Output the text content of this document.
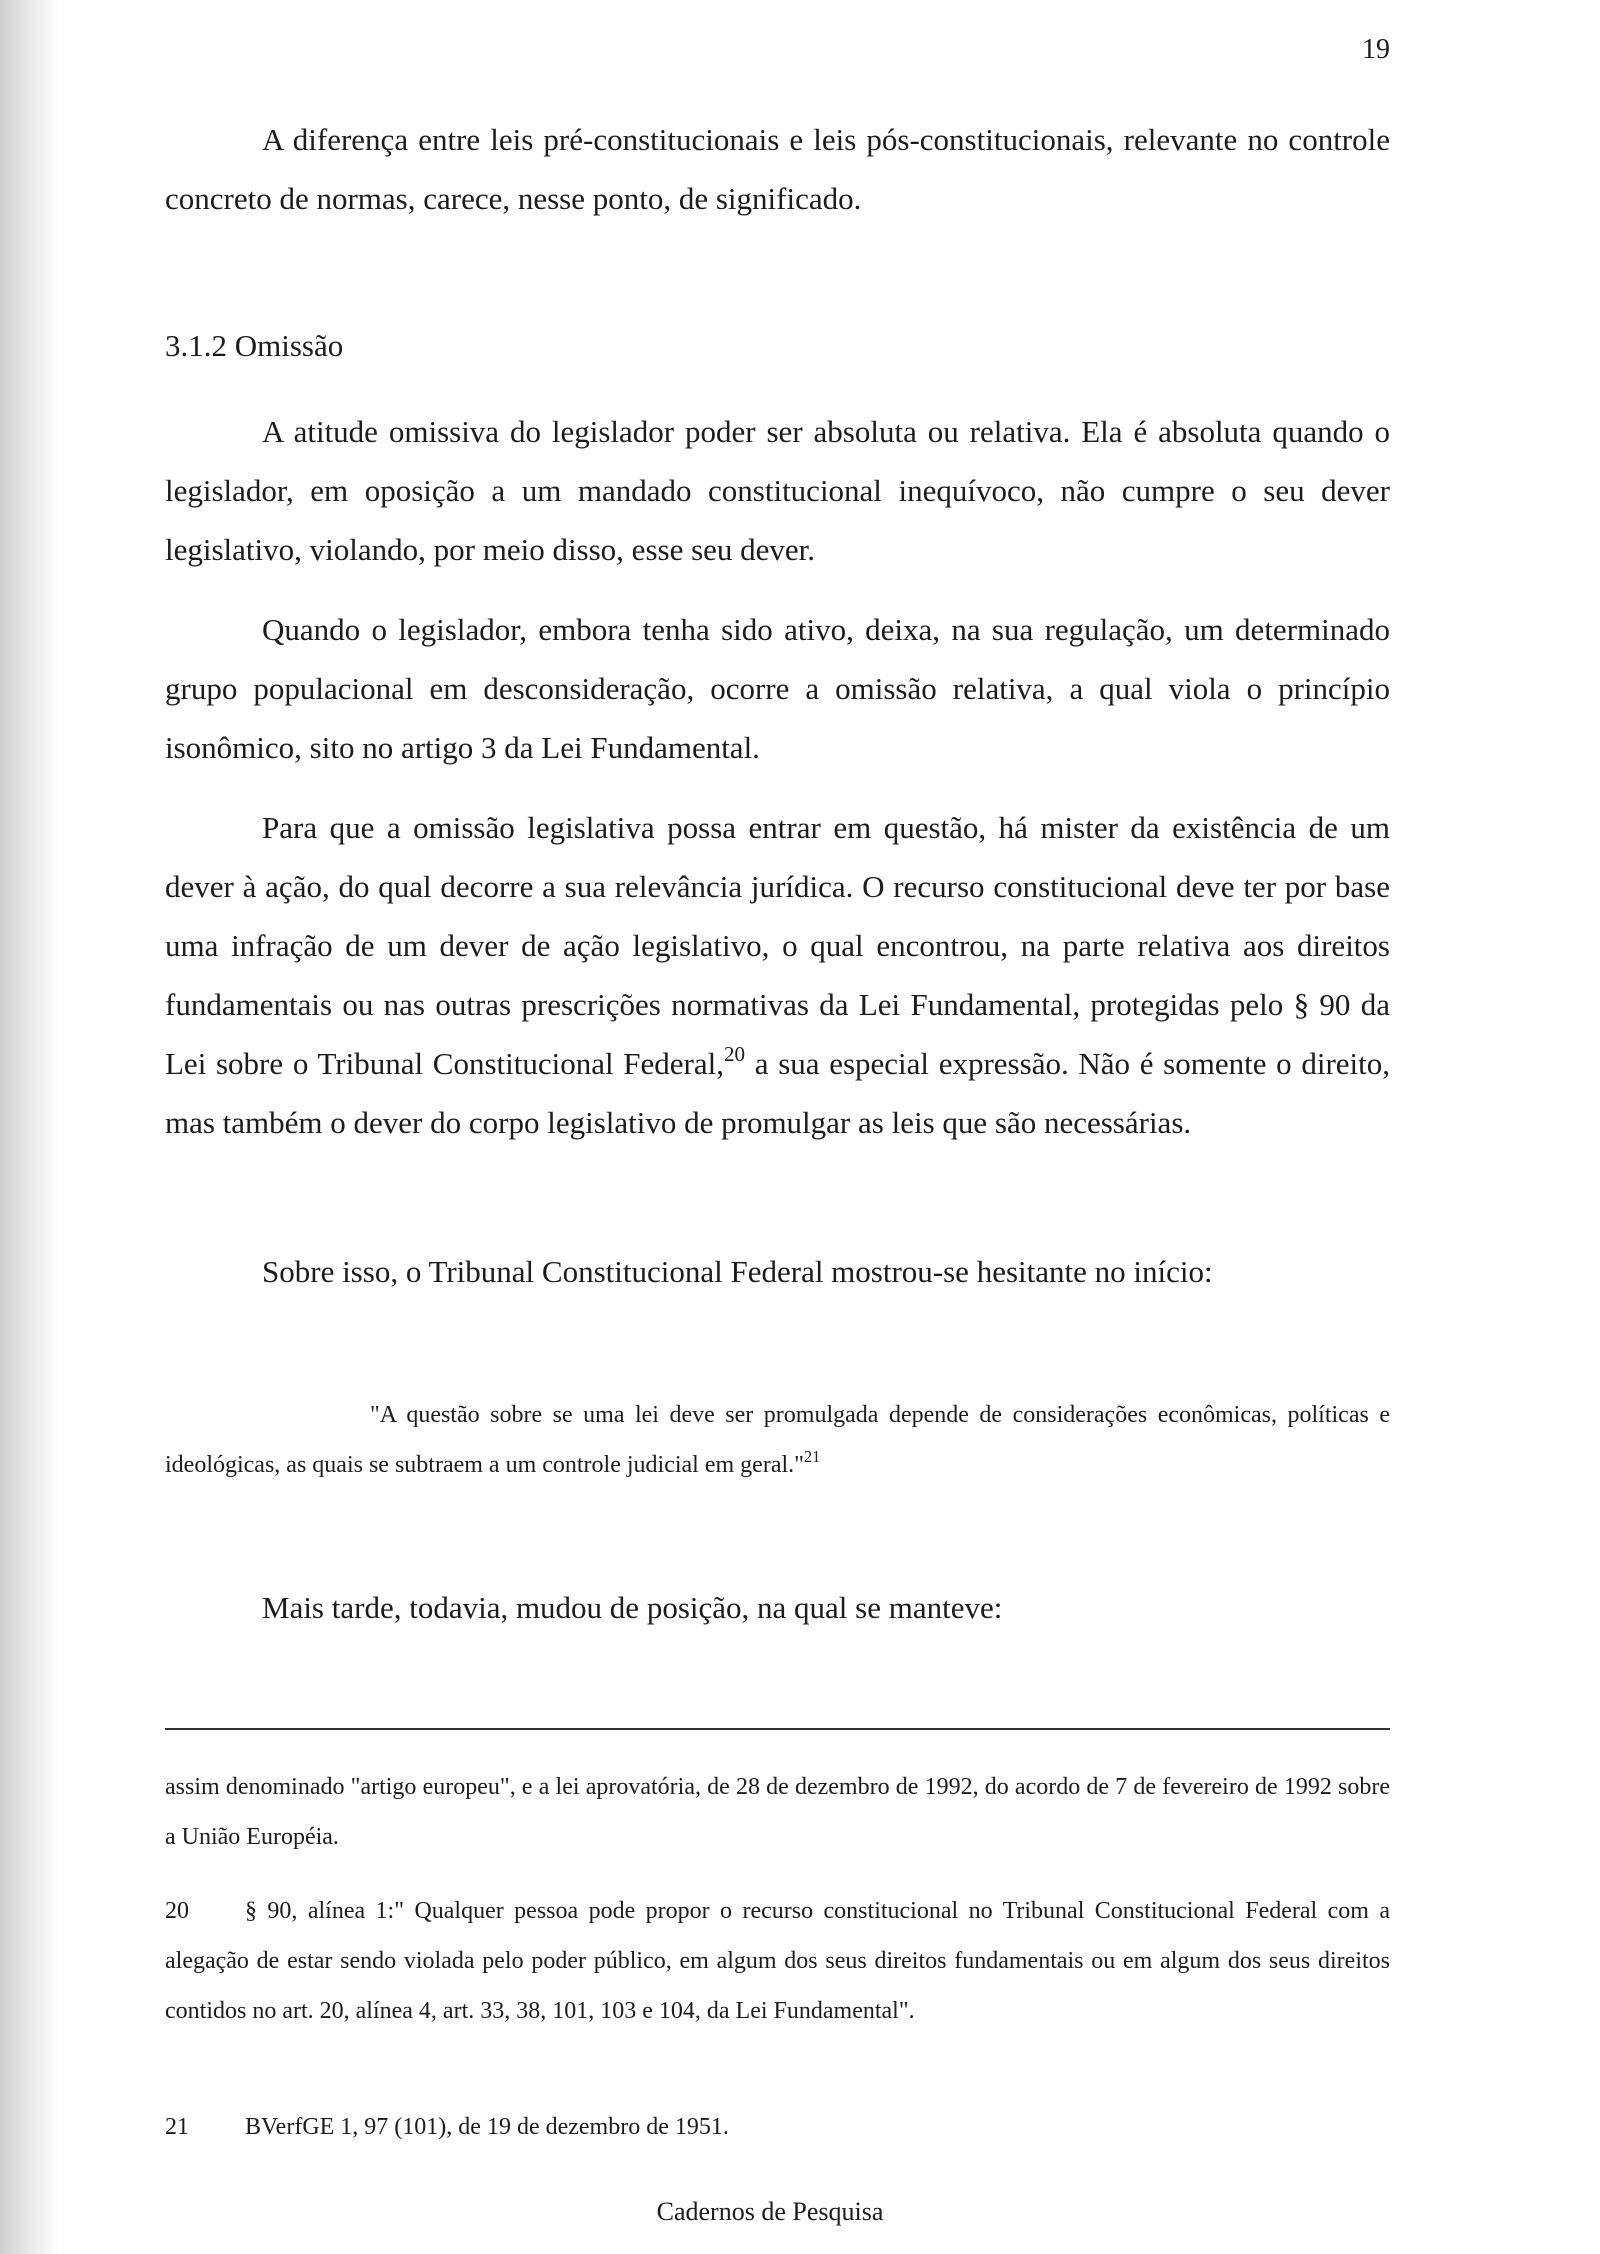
19

A diferença entre leis pré-constitucionais e leis pós-constitucionais, relevante no controle concreto de normas, carece, nesse ponto, de significado.

3.1.2 Omissão

A atitude omissiva do legislador poder ser absoluta ou relativa. Ela é absoluta quando o legislador, em oposição a um mandado constitucional inequívoco, não cumpre o seu dever legislativo, violando, por meio disso, esse seu dever.

Quando o legislador, embora tenha sido ativo, deixa, na sua regulação, um determinado grupo populacional em desconsideração, ocorre a omissão relativa, a qual viola o princípio isonômico, sito no artigo 3 da Lei Fundamental.

Para que a omissão legislativa possa entrar em questão, há mister da existência de um dever à ação, do qual decorre a sua relevância jurídica. O recurso constitucional deve ter por base uma infração de um dever de ação legislativo, o qual encontrou, na parte relativa aos direitos fundamentais ou nas outras prescrições normativas da Lei Fundamental, protegidas pelo § 90 da Lei sobre o Tribunal Constitucional Federal,$^{20}$ a sua especial expressão. Não é somente o direito, mas também o dever do corpo legislativo de promulgar as leis que são necessárias.

Sobre isso, o Tribunal Constitucional Federal mostrou-se hesitante no início:

"A questão sobre se uma lei deve ser promulgada depende de considerações econômicas, políticas e ideológicas, as quais se subtraem a um controle judicial em geral."$^{21}$

Mais tarde, todavia, mudou de posição, na qual se manteve:

assim denominado "artigo europeu", e a lei aprovatória, de 28 de dezembro de 1992, do acordo de 7 de fevereiro de 1992 sobre a União Européia.

20 § 90, alínea 1:" Qualquer pessoa pode propor o recurso constitucional no Tribunal Constitucional Federal com a alegação de estar sendo violada pelo poder público, em algum dos seus direitos fundamentais ou em algum dos seus direitos contidos no art. 20, alínea 4, art. 33, 38, 101, 103 e 104, da Lei Fundamental".

21 BVerfGE 1, 97 (101), de 19 de dezembro de 1951.

Cadernos de Pesquisa
